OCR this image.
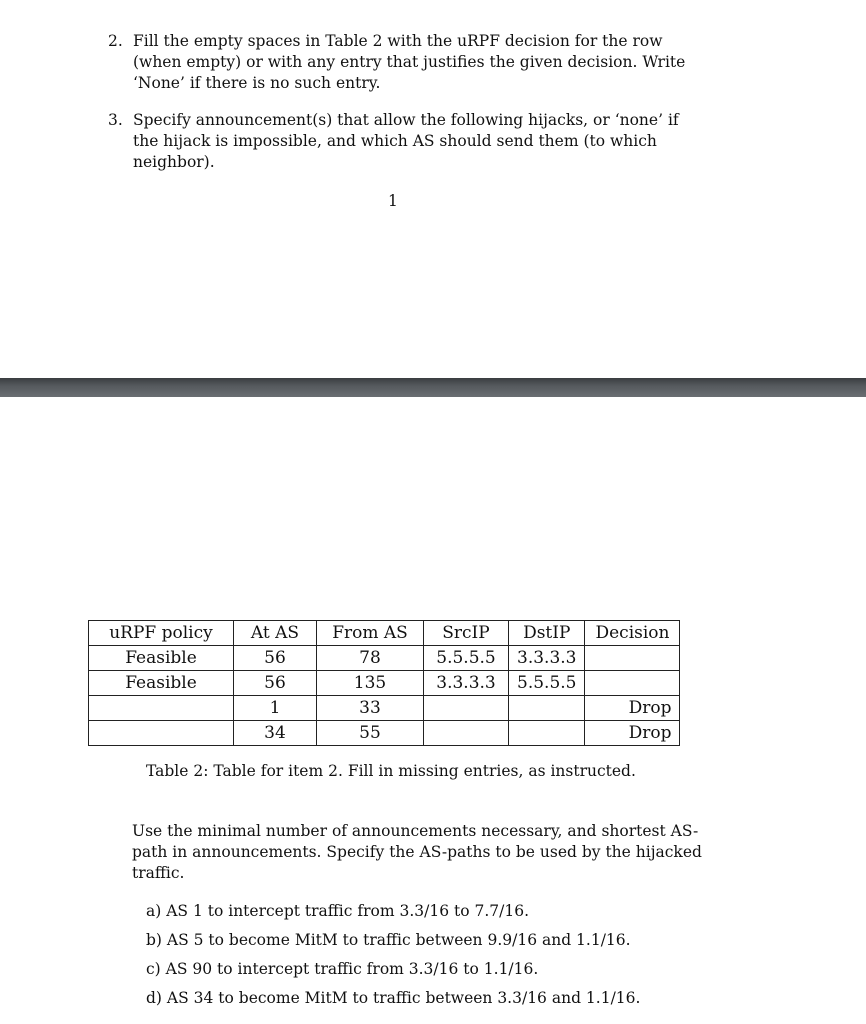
2. Fill the empty spaces in Table 2 with the uRPF decision for the row (when empty) or with any entry that justifies the given decision. Write ‘None’ if there is no such entry.
3. Specify announcement(s) that allow the following hijacks, or ‘none’ if the hijack is impossible, and which AS should send them (to which neighbor).
1
uRPF policy	At AS	From AS	SrcIP	DstIP	Decision
Feasible	56	78	5.5.5.5	3.3.3.3	
Feasible	56	135	3.3.3.3	5.5.5.5	
	1	33			Drop
	34	55			Drop
Table 2: Table for item 2. Fill in missing entries, as instructed.
Use the minimal number of announcements necessary, and shortest AS-path in announcements. Specify the AS-paths to be used by the hijacked traffic.
a) AS 1 to intercept traffic from 3.3/16 to 7.7/16.
b) AS 5 to become MitM to traffic between 9.9/16 and 1.1/16.
c) AS 90 to intercept traffic from 3.3/16 to 1.1/16.
d) AS 34 to become MitM to traffic between 3.3/16 and 1.1/16.
